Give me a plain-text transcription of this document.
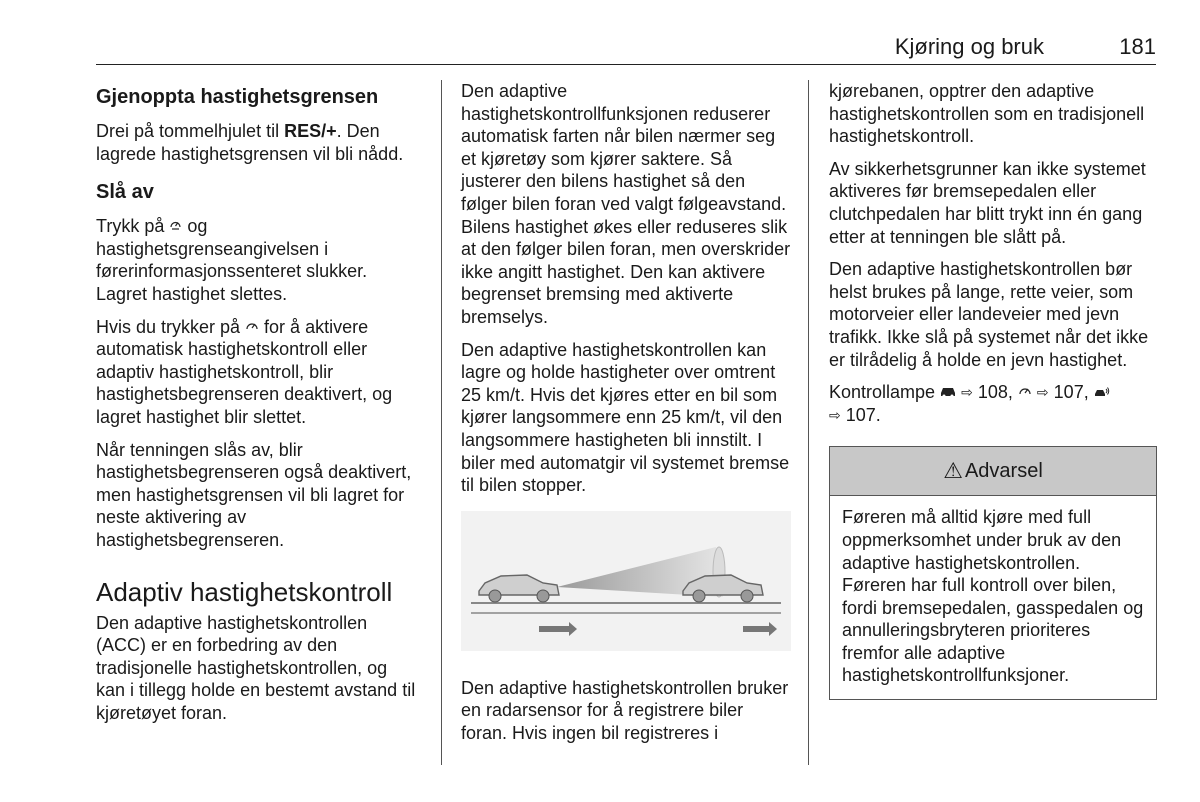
Kjøring og bruk	181
Gjenoppta hastighetsgrensen

Drei på tommelhjulet til RES/+. Den lagrede hastighetsgrensen vil bli nådd.

Slå av

Trykk på  og hastighetsgrenseangivelsen i førerinformasjonssenteret slukker. Lagret hastighet slettes.

Hvis du trykker på  for å aktivere automatisk hastighetskontroll eller adaptiv hastighetskontroll, blir hastighetsbegrenseren deaktivert, og lagret hastighet blir slettet.

Når tenningen slås av, blir hastighetsbegrenseren også deaktivert, men hastighetsgrensen vil bli lagret for neste aktivering av hastighetsbegrenseren.

Adaptiv hastighetskontroll

Den adaptive hastighetskontrollen (ACC) er en forbedring av den tradisjonelle hastighetskontrollen, og kan i tillegg holde en bestemt avstand til kjøretøyet foran.

Den adaptive hastighetskontrollfunksjonen reduserer automatisk farten når bilen nærmer seg et kjøretøy som kjører saktere. Så justerer den bilens hastighet så den følger bilen foran ved valgt følgeavstand. Bilens hastighet økes eller reduseres slik at den følger bilen foran, men overskrider ikke angitt hastighet. Den kan aktivere begrenset bremsing med aktiverte bremselys.

Den adaptive hastighetskontrollen kan lagre og holde hastigheter over omtrent 25 km/t. Hvis det kjøres etter en bil som kjører langsommere enn 25 km/t, vil den langsommere hastigheten bli innstilt. I biler med automatgir vil systemet bremse til bilen stopper.

Den adaptive hastighetskontrollen bruker en radarsensor for å registrere biler foran. Hvis ingen bil registreres i

kjørebanen, opptrer den adaptive hastighetskontrollen som en tradisjonell hastighetskontroll.

Av sikkerhetsgrunner kan ikke systemet aktiveres før bremsepedalen eller clutchpedalen har blitt trykt inn én gang etter at tenningen ble slått på.

Den adaptive hastighetskontrollen bør helst brukes på lange, rette veier, som motorveier eller landeveier med jevn trafikk. Ikke slå på systemet når det ikke er tilrådelig å holde en jevn hastighet.

Kontrollampe ⇨ 108, ⇨ 107,
⇨ 107.

⚠ Advarsel
Føreren må alltid kjøre med full oppmerksomhet under bruk av den adaptive hastighetskontrollen. Føreren har full kontroll over bilen, fordi bremsepedalen, gasspedalen og annulleringsbryteren prioriteres fremfor alle adaptive hastighetskontrollfunksjoner.
